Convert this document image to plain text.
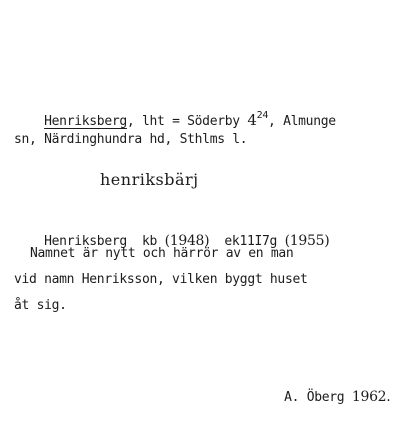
Henriksberg, lht = Söderby $4^{24}$, Almunge

sn, Närdinghundra hd, Sthlms l.
henriksbärj

Henriksberg kb (1948) ek11I7g (1955)

Namnet är nytt och härrör av en man
vid namn Henriksson, vilken byggt huset
åt sig.

A. Öberg 1962.
